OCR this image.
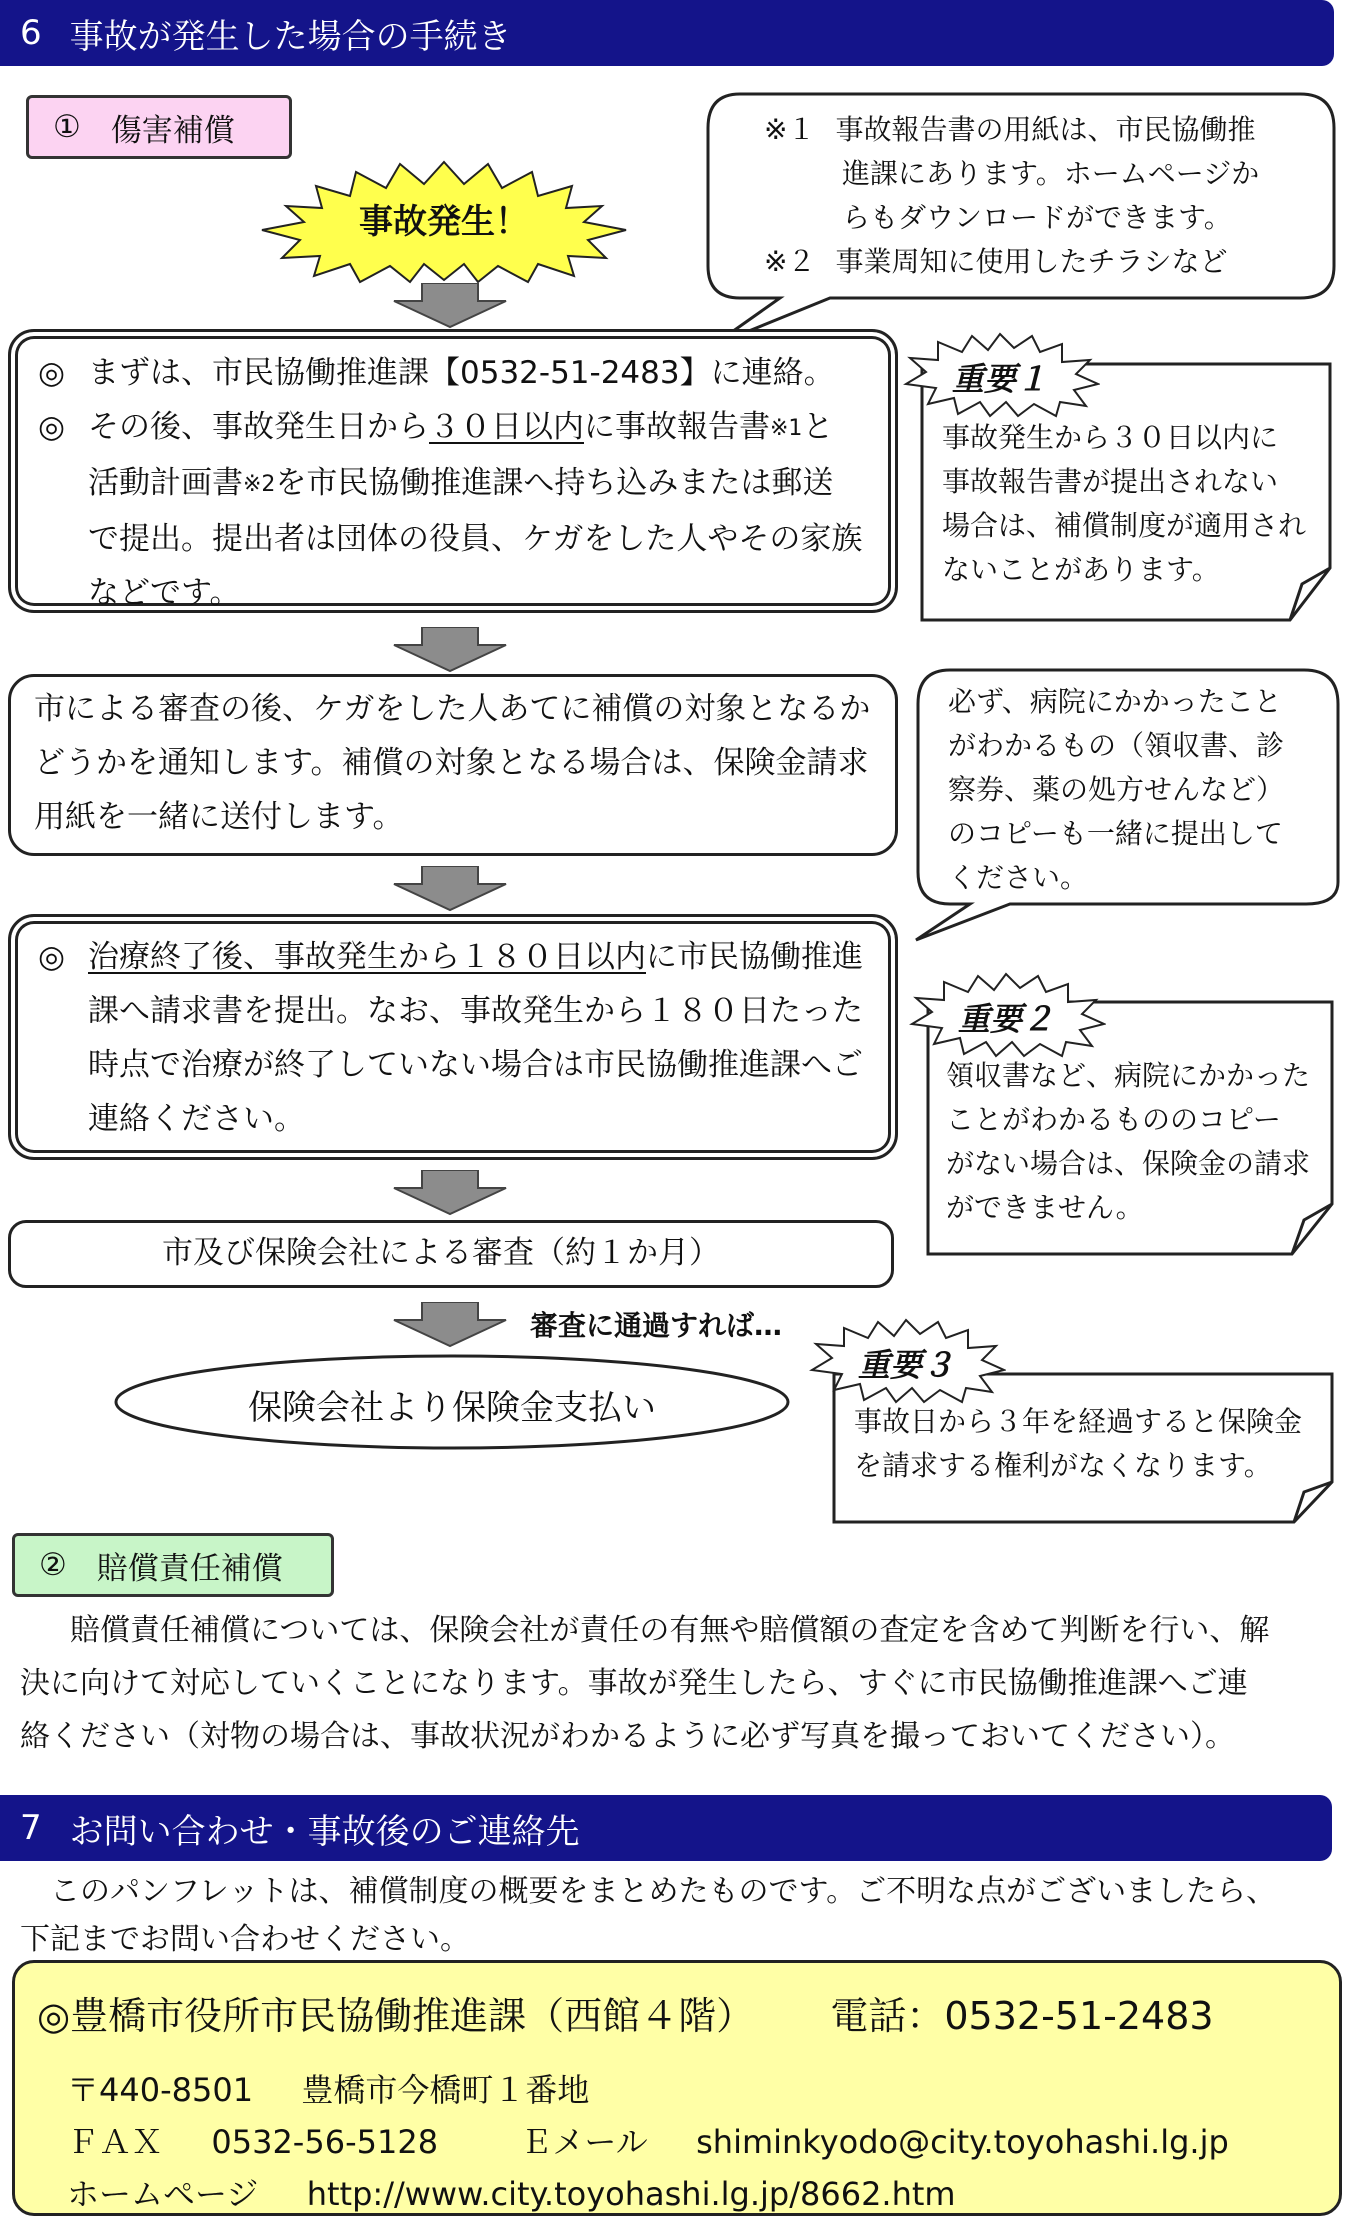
6 事故が発生した場合の手続き
① 傷害補償
事故発生！
※１ 事故報告書の用紙は、市民協働推
進課にあります。ホームページか
らもダウンロードができます。
※２ 事業周知に使用したチラシなど
◎ まずは、市民協働推進課【0532-51-2483】に連絡。
◎ その後、事故発生日から３０日以内に事故報告書※1と
活動計画書※2を市民協働推進課へ持ち込みまたは郵送
で提出。提出者は団体の役員、ケガをした人やその家族
などです。
重要１
事故発生から３０日以内に
事故報告書が提出されない
場合は、補償制度が適用され
ないことがあります。
市による審査の後、ケガをした人あてに補償の対象となるか
どうかを通知します。補償の対象となる場合は、保険金請求
用紙を一緒に送付します。
必ず、病院にかかったこと
がわかるもの（領収書、診
察券、薬の処方せんなど）
のコピーも一緒に提出して
ください。
◎ 治療終了後、事故発生から１８０日以内に市民協働推進
課へ請求書を提出。なお、事故発生から１８０日たった
時点で治療が終了していない場合は市民協働推進課へご
連絡ください。
重要２
領収書など、病院にかかった
ことがわかるもののコピー
がない場合は、保険金の請求
ができません。
市及び保険会社による審査（約１か月）
審査に通過すれば…
保険会社より保険金支払い
重要３
事故日から３年を経過すると保険金
を請求する権利がなくなります。
② 賠償責任補償
賠償責任補償については、保険会社が責任の有無や賠償額の査定を含めて判断を行い、解
決に向けて対応していくことになります。事故が発生したら、すぐに市民協働推進課へご連
絡ください（対物の場合は、事故状況がわかるように必ず写真を撮っておいてください）。
7 お問い合わせ・事故後のご連絡先
このパンフレットは、補償制度の概要をまとめたものです。ご不明な点がございましたら、
下記までお問い合わせください。
◎豊橋市役所市民協働推進課（西館４階） 電話：0532-51-2483
〒440-8501 豊橋市今橋町１番地
ＦＡＸ 0532-56-5128	Ｅメール shiminkyodo@city.toyohashi.lg.jp
ホームページ http://www.city.toyohashi.lg.jp/8662.htm
